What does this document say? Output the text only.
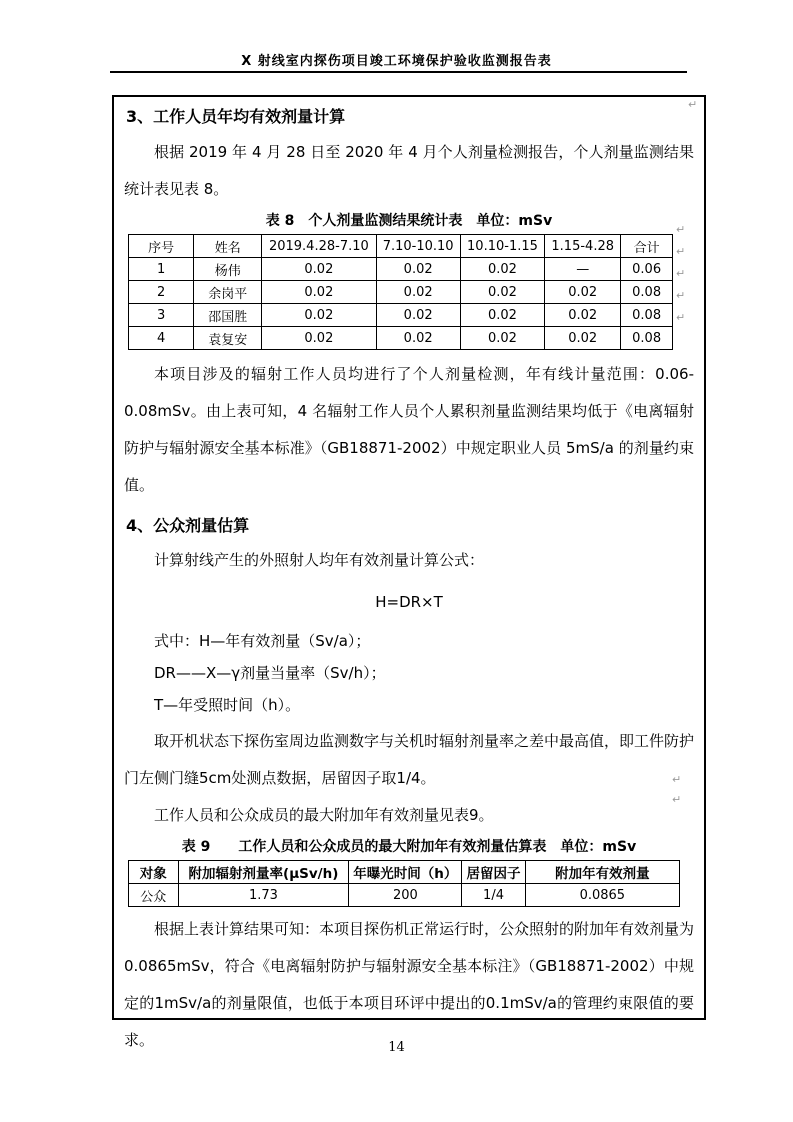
X 射线室内探伤项目竣工环境保护验收监测报告表
3、工作人员年均有效剂量计算

根据 2019 年 4 月 28 日至 2020 年 4 月个人剂量检测报告，个人剂量监测结果统计表见表 8。

表 8　个人剂量监测结果统计表　单位：mSv
序号	姓名	2019.4.28-7.10	7.10-10.10	10.10-1.15	1.15-4.28	合计
1	杨伟	0.02	0.02	0.02	—	0.06
2	余岗平	0.02	0.02	0.02	0.02	0.08
3	邵国胜	0.02	0.02	0.02	0.02	0.08
4	袁复安	0.02	0.02	0.02	0.02	0.08

本项目涉及的辐射工作人员均进行了个人剂量检测，年有线计量范围：0.06-0.08mSv。由上表可知，4 名辐射工作人员个人累积剂量监测结果均低于《电离辐射防护与辐射源安全基本标准》（GB18871-2002）中规定职业人员 5mS/a 的剂量约束值。

4、公众剂量估算

计算射线产生的外照射人均年有效剂量计算公式：

H=DR×T

式中：H—年有效剂量（Sv/a）；

DR——X—γ剂量当量率（Sv/h）；

T—年受照时间（h）。

取开机状态下探伤室周边监测数字与关机时辐射剂量率之差中最高值，即工件防护门左侧门缝5cm处测点数据，居留因子取1/4。

工作人员和公众成员的最大附加年有效剂量见表9。

表 9　　工作人员和公众成员的最大附加年有效剂量估算表　单位：mSv
对象	附加辐射剂量率(μSv/h)	年曝光时间（h）	居留因子	附加年有效剂量
公众	1.73	200	1/4	0.0865

根据上表计算结果可知：本项目探伤机正常运行时，公众照射的附加年有效剂量为0.0865mSv，符合《电离辐射防护与辐射源安全基本标注》（GB18871-2002）中规定的1mSv/a的剂量限值，也低于本项目环评中提出的0.1mSv/a的管理约束限值的要求。

↵
↵
↵
↵
↵
↵
↵
↵
14
